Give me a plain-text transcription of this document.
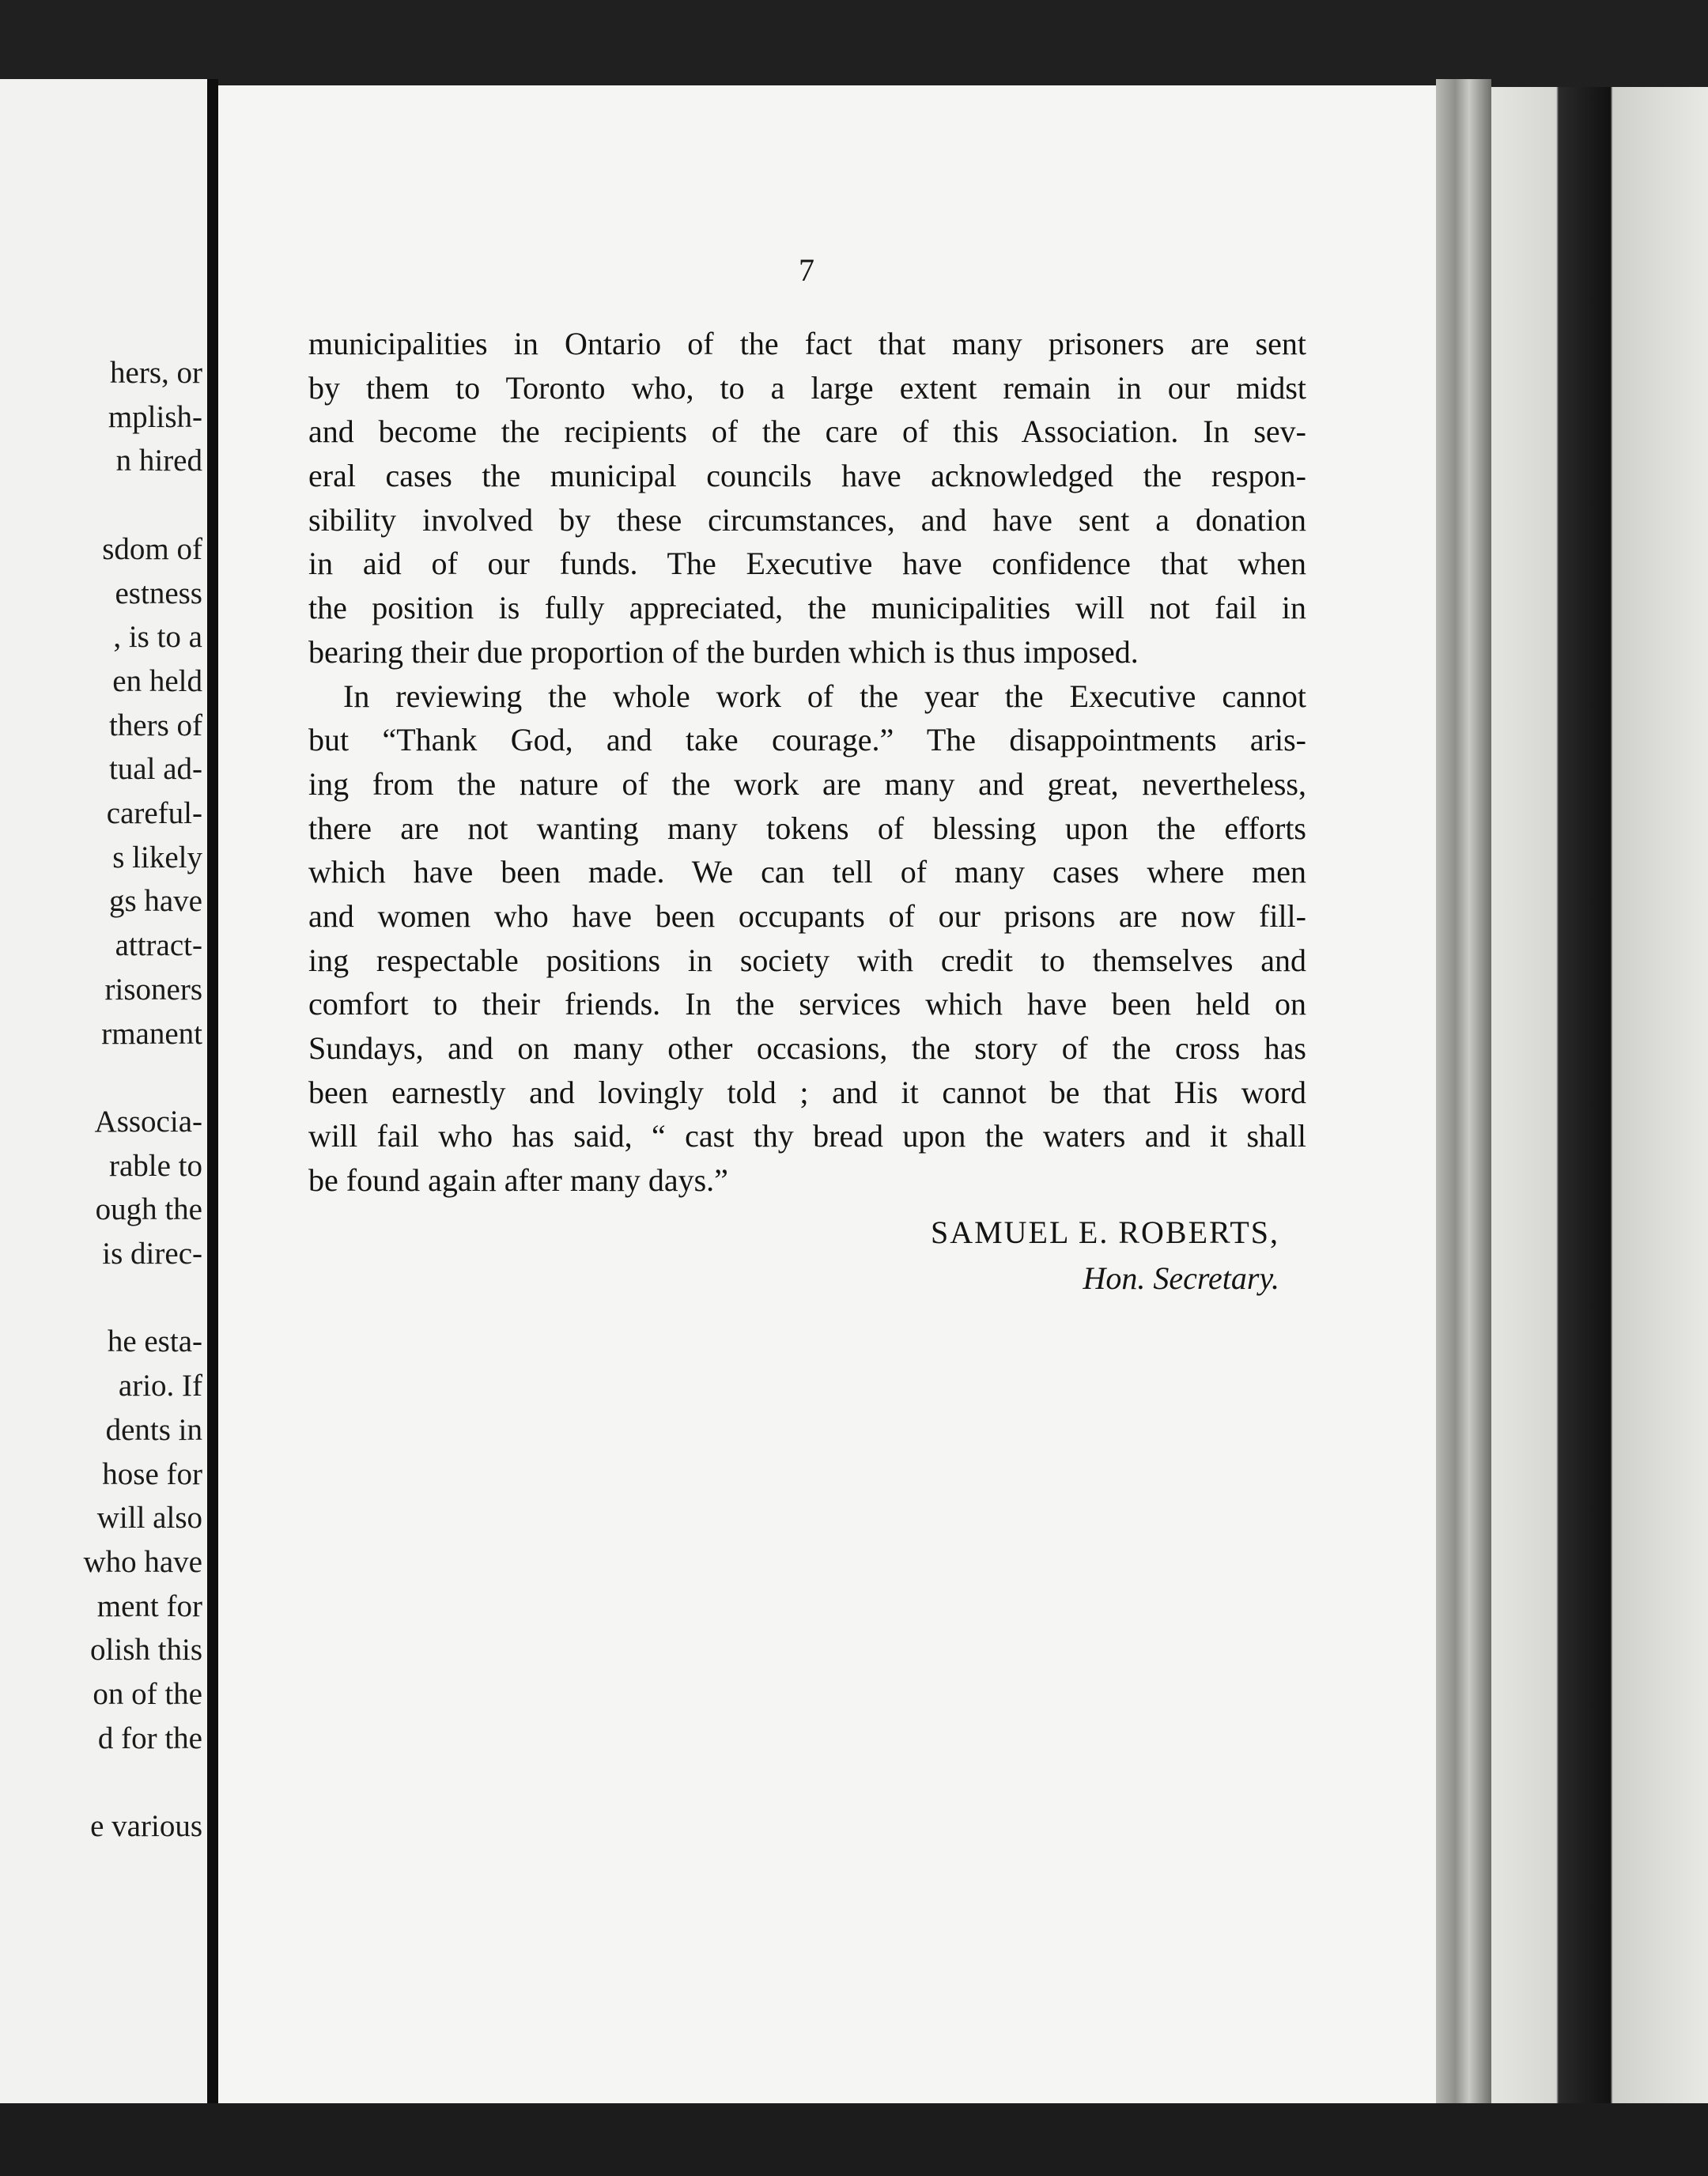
hers, or
mplish-
n hired
sdom of
estness
, is to a
en held
thers of
tual ad-
careful-
s likely
gs have
attract-
risoners
rmanent
Associa-
rable to
ough the
is direc-
he esta-
ario. If
dents in
hose for
will also
who have
ment for
olish this
on of the
d for the
e various
7
municipalities in Ontario of the fact that many prisoners are sent
by them to Toronto who, to a large extent remain in our midst
and become the recipients of the care of this Association. In sev-
eral cases the municipal councils have acknowledged the respon-
sibility involved by these circumstances, and have sent a donation
in aid of our funds. The Executive have confidence that when
the position is fully appreciated, the municipalities will not fail in
bearing their due proportion of the burden which is thus imposed.
In reviewing the whole work of the year the Executive cannot
but “Thank God, and take courage.” The disappointments aris-
ing from the nature of the work are many and great, nevertheless,
there are not wanting many tokens of blessing upon the efforts
which have been made. We can tell of many cases where men
and women who have been occupants of our prisons are now fill-
ing respectable positions in society with credit to themselves and
comfort to their friends. In the services which have been held on
Sundays, and on many other occasions, the story of the cross has
been earnestly and lovingly told ; and it cannot be that His word
will fail who has said, “ cast thy bread upon the waters and it shall
be found again after many days.”
SAMUEL E. ROBERTS,
Hon. Secretary.
